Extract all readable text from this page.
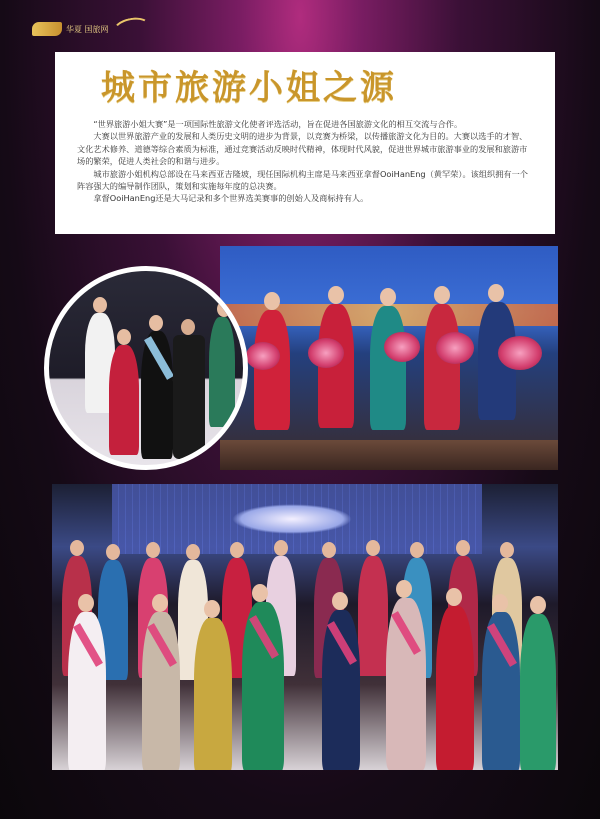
华夏 国旅网
城市旅游小姐之源

“世界旅游小姐大赛”是一项国际性旅游文化使者评选活动，旨在促进各国旅游文化的相互交流与合作。

大赛以世界旅游产业的发展和人类历史文明的进步为背景，以竞赛为桥梁，以传播旅游文化为目的。大赛以选手的才智、文化艺术修养、道德等综合素质为标准，通过竞赛活动反映时代精神，体现时代风貌，促进世界城市旅游事业的发展和旅游市场的繁荣，促进人类社会的和谐与进步。

城市旅游小姐机构总部设在马来西亚吉隆坡，现任国际机构主席是马来西亚拿督OoiHanEng（黄罕荣）。该组织拥有一个阵容强大的编导制作团队，策划和实施每年度的总决赛。

拿督OoiHanEng还是大马记录和多个世界选美赛事的创始人及商标持有人。
